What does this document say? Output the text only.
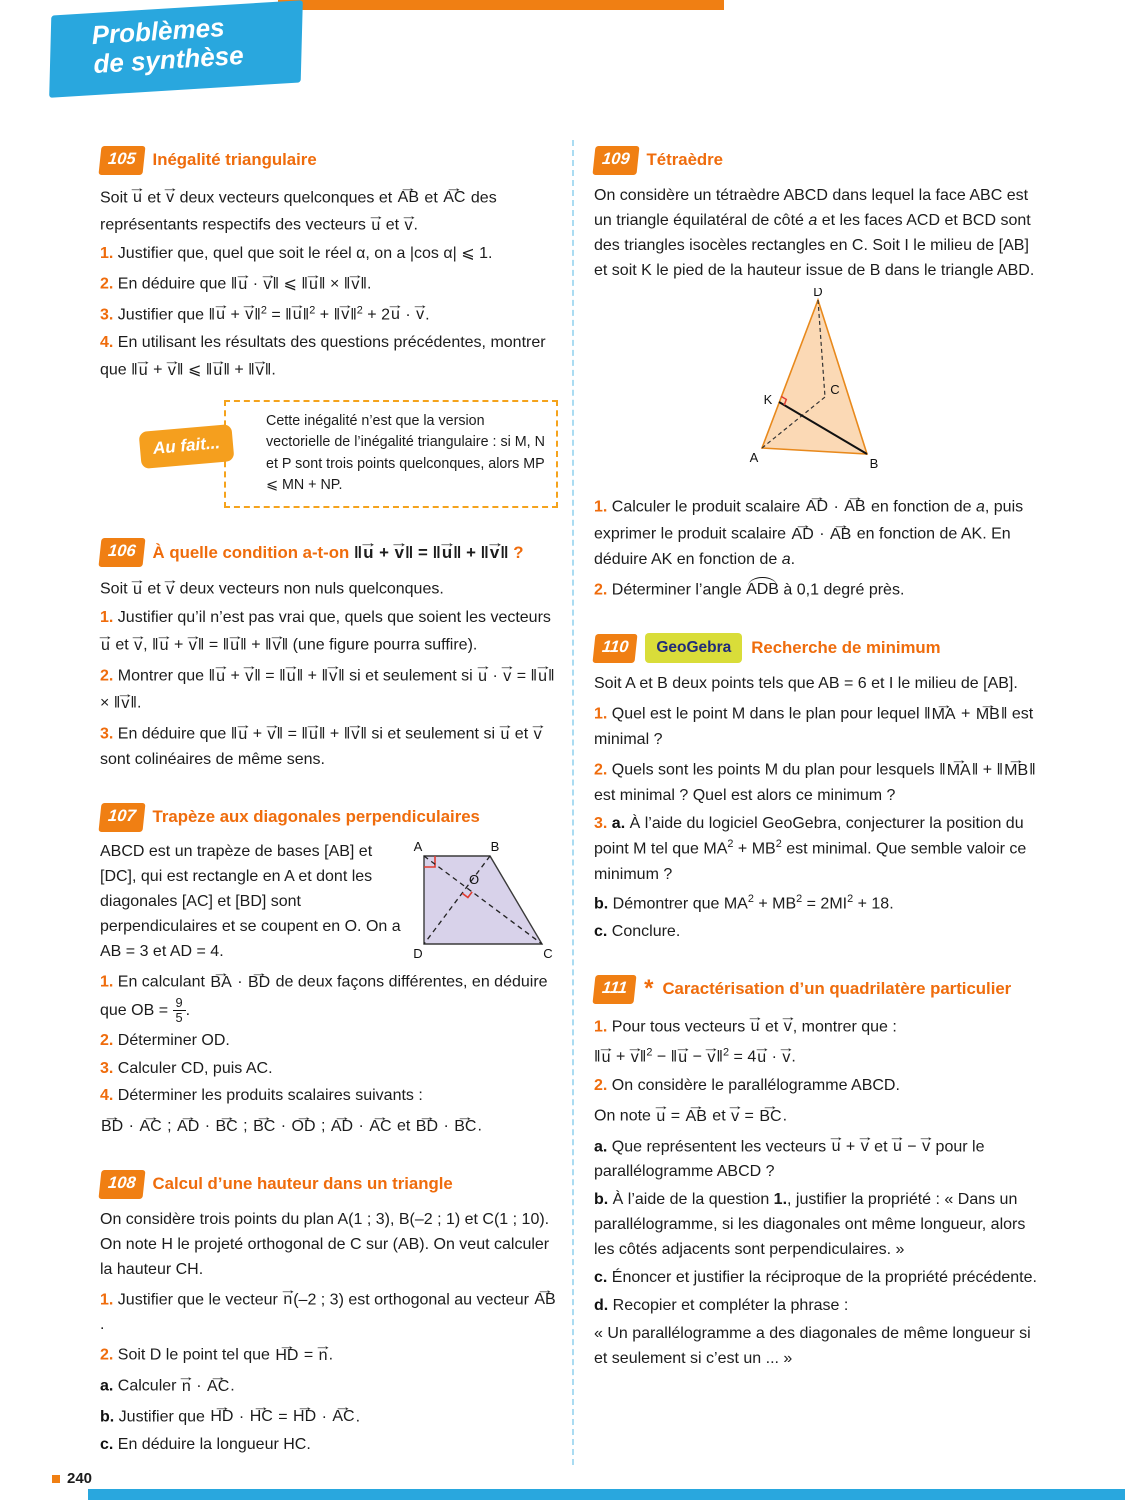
Problèmes
de synthèse
105 Inégalité triangulaire
Soit → u et → v deux vecteurs quelconques et → AB et → AC des représentants respectifs des vecteurs → u et → v.
1. Justifier que, quel que soit le réel α, on a |cos α| ⩽ 1.
2. En déduire que ‖→ u · → v‖ ⩽ ‖→ u‖ × ‖→ v‖.
3. Justifier que ‖→ u + → v‖$^2$ = ‖→ u‖$^2$ + ‖→ v‖$^2$ + 2→ u · → v.
4. En utilisant les résultats des questions précédentes, montrer que ‖→ u + → v‖ ⩽ ‖→ u‖ + ‖→ v‖.
Au fait...
Cette inégalité n’est que la version vectorielle de l’inégalité triangulaire : si M, N et P sont trois points quelconques, alors MP ⩽ MN + NP.
106 À quelle condition a-t-on ‖→ u + → v‖ = ‖→ u‖ + ‖→ v‖ ?
Soit → u et → v deux vecteurs non nuls quelconques.
1. Justifier qu’il n’est pas vrai que, quels que soient les vecteurs → u et → v, ‖→ u + → v‖ = ‖→ u‖ + ‖→ v‖ (une figure pourra suffire).
2. Montrer que ‖→ u + → v‖ = ‖→ u‖ + ‖→ v‖ si et seulement si → u · → v = ‖→ u‖ × ‖→ v‖.
3. En déduire que ‖→ u + → v‖ = ‖→ u‖ + ‖→ v‖ si et seulement si → u et → v sont colinéaires de même sens.
107 Trapèze aux diagonales perpendiculaires
ABCD est un trapèze de bases [AB] et [DC], qui est rectangle en A et dont les diagonales [AC] et [BD] sont perpendiculaires et se coupent en O. On a AB = 3 et AD = 4.
A	B
C
D
O
1. En calculant → BA · → BD de deux façons différentes, en déduire que OB = $\frac{9}{5}$ .
2. Déterminer OD.
3. Calculer CD, puis AC.
4. Déterminer les produits scalaires suivants :
→ BD · → AC ; → AD · → BC ; → BC · → OD ; → AD · → AC et → BD · → BC.
108 Calcul d’une hauteur dans un triangle
On considère trois points du plan A(1 ; 3), B(–2 ; 1) et C(1 ; 10). On note H le projeté orthogonal de C sur (AB). On veut calculer la hauteur CH.
1. Justifier que le vecteur → n(–2 ; 3) est orthogonal au vecteur → AB.
2. Soit D le point tel que → HD = → n.
a. Calculer → n · → AC.
b. Justifier que → HD · → HC = → HD · → AC.
c. En déduire la longueur HC.
109 Tétraèdre
On considère un tétraèdre ABCD dans lequel la face ABC est un triangle équilatéral de côté a et les faces ACD et BCD sont des triangles isocèles rectangles en C. Soit I le milieu de [AB] et soit K le pied de la hauteur issue de B dans le triangle ABD.
D
A	B
C
K
1. Calculer le produit scalaire → AD · → AB en fonction de a, puis exprimer le produit scalaire → AD · → AB en fonction de AK. En déduire AK en fonction de a.
2. Déterminer l’angle ADB à 0,1 degré près.
110	GeoGebra	Recherche de minimum
Soit A et B deux points tels que AB = 6 et I le milieu de [AB].
1. Quel est le point M dans le plan pour lequel ‖→ MA + → MB‖ est minimal ?
2. Quels sont les points M du plan pour lesquels ‖→ MA‖ + ‖→ MB‖ est minimal ? Quel est alors ce minimum ?
3. a. À l’aide du logiciel GeoGebra, conjecturer la position du point M tel que $MA^2 + MB^2$ est minimal. Que semble valoir ce minimum ?
b. Démontrer que $MA^2 + MB^2 = 2MI^2 + 18$.
c. Conclure.
111 * Caractérisation d’un quadrilatère particulier
1. Pour tous vecteurs → u et → v, montrer que :
‖→ u + → v‖$^2$ − ‖→ u − → v‖$^2$ = 4→ u · → v.
2. On considère le parallélogramme ABCD.
On note → u = → AB et → v = → BC.
a. Que représentent les vecteurs → u + → v et → u − → v pour le parallélogramme ABCD ?
b. À l’aide de la question 1., justifier la propriété : « Dans un parallélogramme, si les diagonales ont même longueur, alors les côtés adjacents sont perpendiculaires. »
c. Énoncer et justifier la réciproque de la propriété précédente.
d. Recopier et compléter la phrase :
« Un parallélogramme a des diagonales de même longueur si et seulement si c’est un ... »
240
